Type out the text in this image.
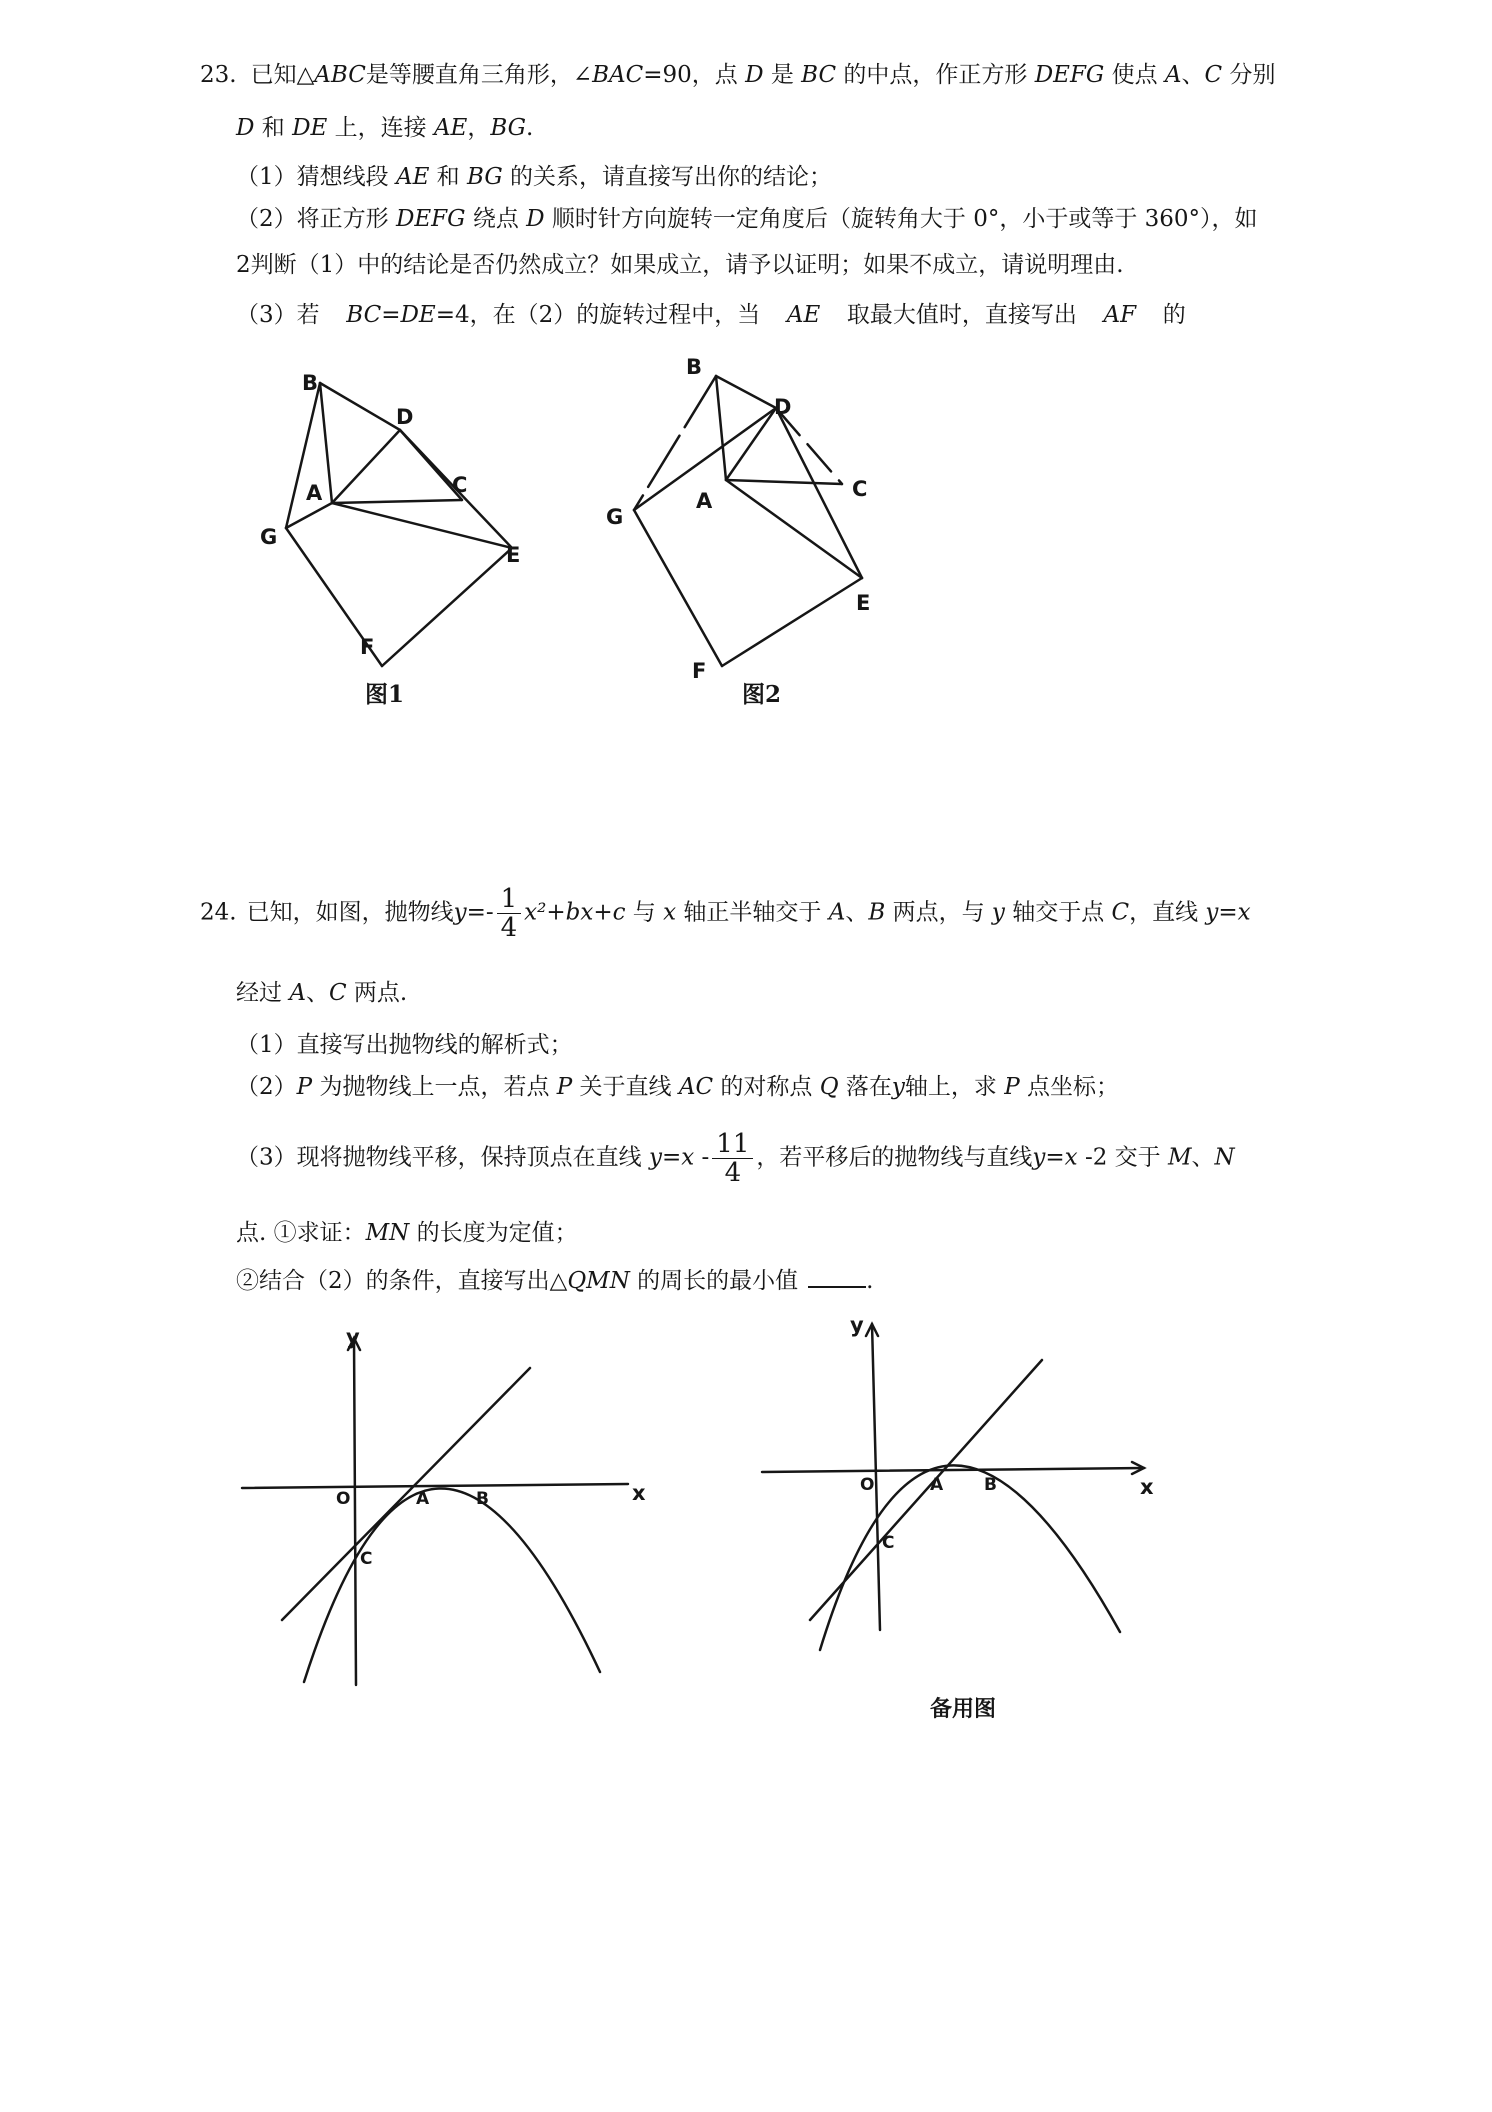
23. 已知△ABC是等腰直角三角形，∠BAC=90，点 D 是 BC 的中点，作正方形 DEFG 使点 A、C 分别
D 和 DE 上，连接 AE，BG.
（1）猜想线段 AE 和 BG 的关系，请直接写出你的结论；
（2）将正方形 DEFG 绕点 D 顺时针方向旋转一定角度后（旋转角大于 0°，小于或等于 360°），如
2判断（1）中的结论是否仍然成立？如果成立，请予以证明；如果不成立，请说明理由.
（3）若 BC=DE=4，在（2）的旋转过程中，当 AE 取最大值时，直接写出 AF 的
B
D
A	C
G
E
F
图1
B
D
A	C
G
E
F
图2
24. 已知，如图，抛物线$y=- \frac{1}{4} x^2+bx+c$ 与 x 轴正半轴交于 A、B 两点，与 y 轴交于点 C，直线 y=x
经过 A、C 两点.
（1）直接写出抛物线的解析式；
（2）P 为抛物线上一点，若点 P 关于直线 AC 的对称点 Q 落在y轴上，求 P 点坐标；
（3）现将抛物线平移，保持顶点在直线 $y=x - \frac{11}{4}$ ，若平移后的抛物线与直线y=x -2 交于 M、N
点. ①求证：MN 的长度为定值；
②结合（2）的条件，直接写出△QMN 的周长的最小值	.
y
x
O	A	B
C
y
x
O	A B
C
备用图
